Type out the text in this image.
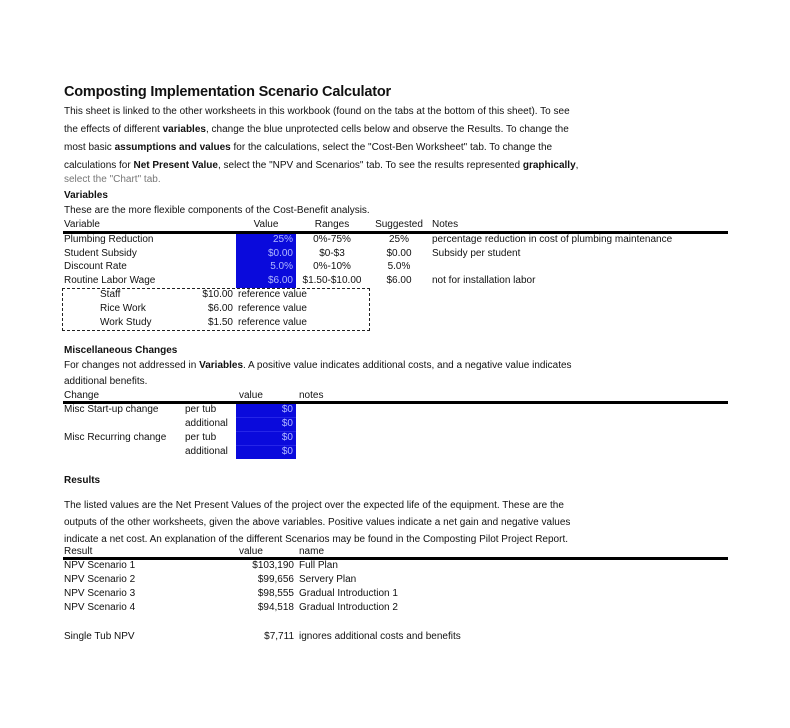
Composting Implementation Scenario Calculator
This sheet is linked to the other worksheets in this workbook (found on the tabs at the bottom of this sheet). To see
the effects of different variables, change the blue unprotected cells below and observe the Results. To change the
most basic assumptions and values for the calculations, select the "Cost-Ben Worksheet" tab. To change the
calculations for Net Present Value, select the "NPV and Scenarios" tab. To see the results represented graphically,
select the "Chart" tab.
Variables
These are the more flexible components of the Cost-Benefit analysis.
Variable	Value	Ranges	Suggested Notes
Plumbing Reduction	25%	0%-75%	25%	percentage reduction in cost of plumbing maintenance
Student Subsidy	$0.00	$0-$3	$0.00	Subsidy per student
Discount Rate	5.0%	0%-10%	5.0%
Routine Labor Wage	$6.00 $1.50-$10.00	$6.00	not for installation labor
Staff	$10.00 reference value
Rice Work	$6.00 reference value
Work Study	$1.50 reference value
Miscellaneous Changes
For changes not addressed in Variables. A positive value indicates additional costs, and a negative value indicates
additional benefits.
Change	value	notes
Misc Start-up change	per tub	$0
additional	$0
Misc Recurring change per tub	$0
additional	$0
Results
The listed values are the Net Present Values of the project over the expected life of the equipment. These are the
outputs of the other worksheets, given the above variables. Positive values indicate a net gain and negative values
indicate a net cost. An explanation of the different Scenarios may be found in the Composting Pilot Project Report.
Result	value	name
NPV Scenario 1	$103,190 Full Plan
NPV Scenario 2	$99,656 Servery Plan
NPV Scenario 3	$98,555 Gradual Introduction 1
NPV Scenario 4	$94,518 Gradual Introduction 2
Single Tub NPV	$7,711 ignores additional costs and benefits
